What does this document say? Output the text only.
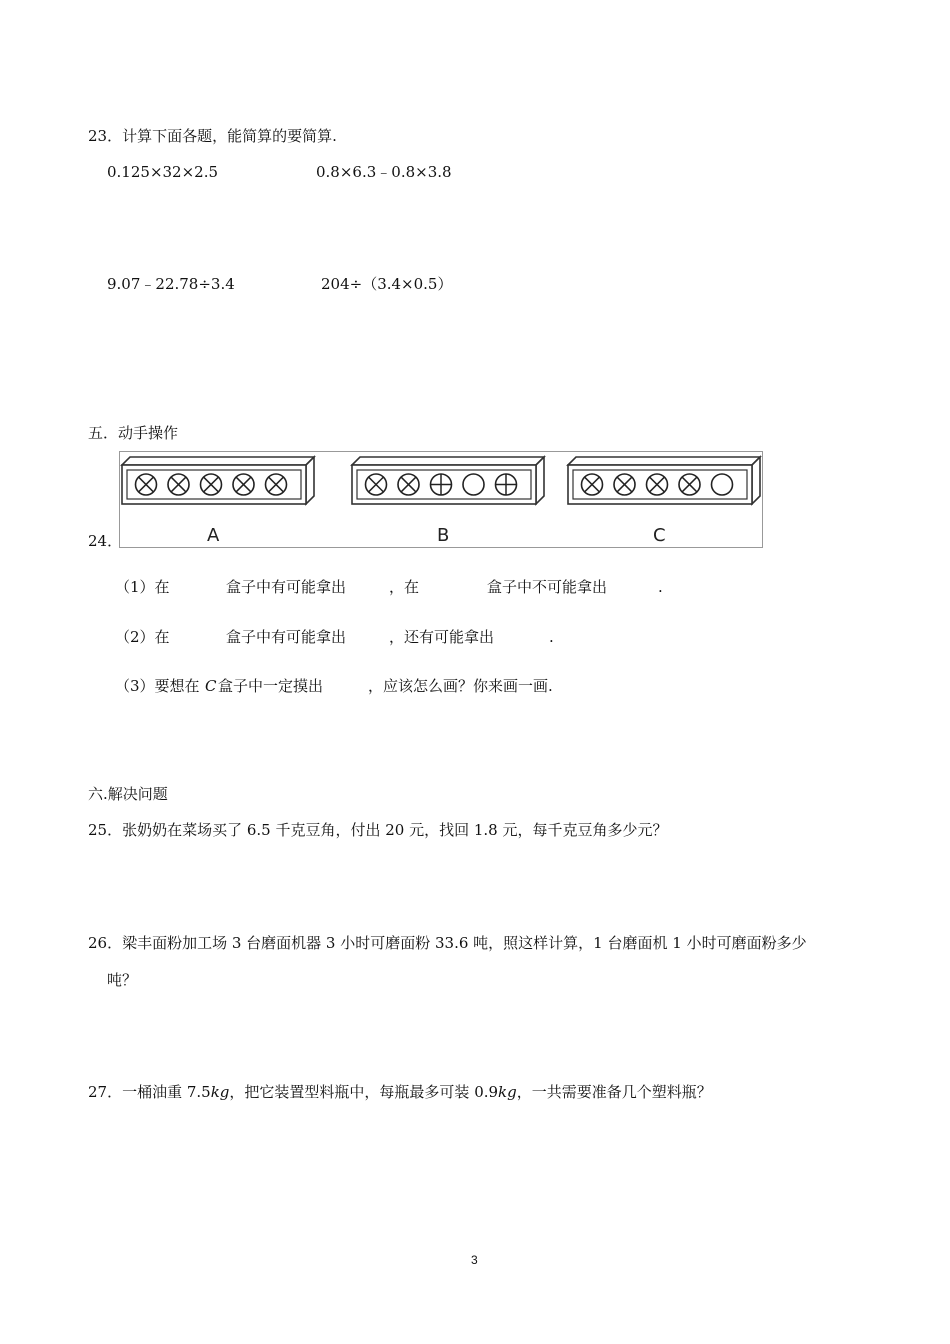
23．计算下面各题，能简算的要简算.
0.125×32×2.5	0.8×6.3﹣0.8×3.8
9.07﹣22.78÷3.4	204÷（3.4×0.5）
五．动手操作
24．	A	B	C
（1）在	盒子中有可能拿出	，在	盒子中不可能拿出	.
（2）在	盒子中有可能拿出	，还有可能拿出	.
（3）要想在 C 盒子中一定摸出	，应该怎么画？你来画一画.
六.解决问题
25．张奶奶在菜场买了 6.5 千克豆角，付出 20 元，找回 1.8 元，每千克豆角多少元？
26．梁丰面粉加工场 3 台磨面机器 3 小时可磨面粉 33.6 吨，照这样计算，1 台磨面机 1 小时可磨面粉多少
吨？
27．一桶油重 7.5kg，把它装置型料瓶中，每瓶最多可装 0.9kg，一共需要准备几个塑料瓶？
3
